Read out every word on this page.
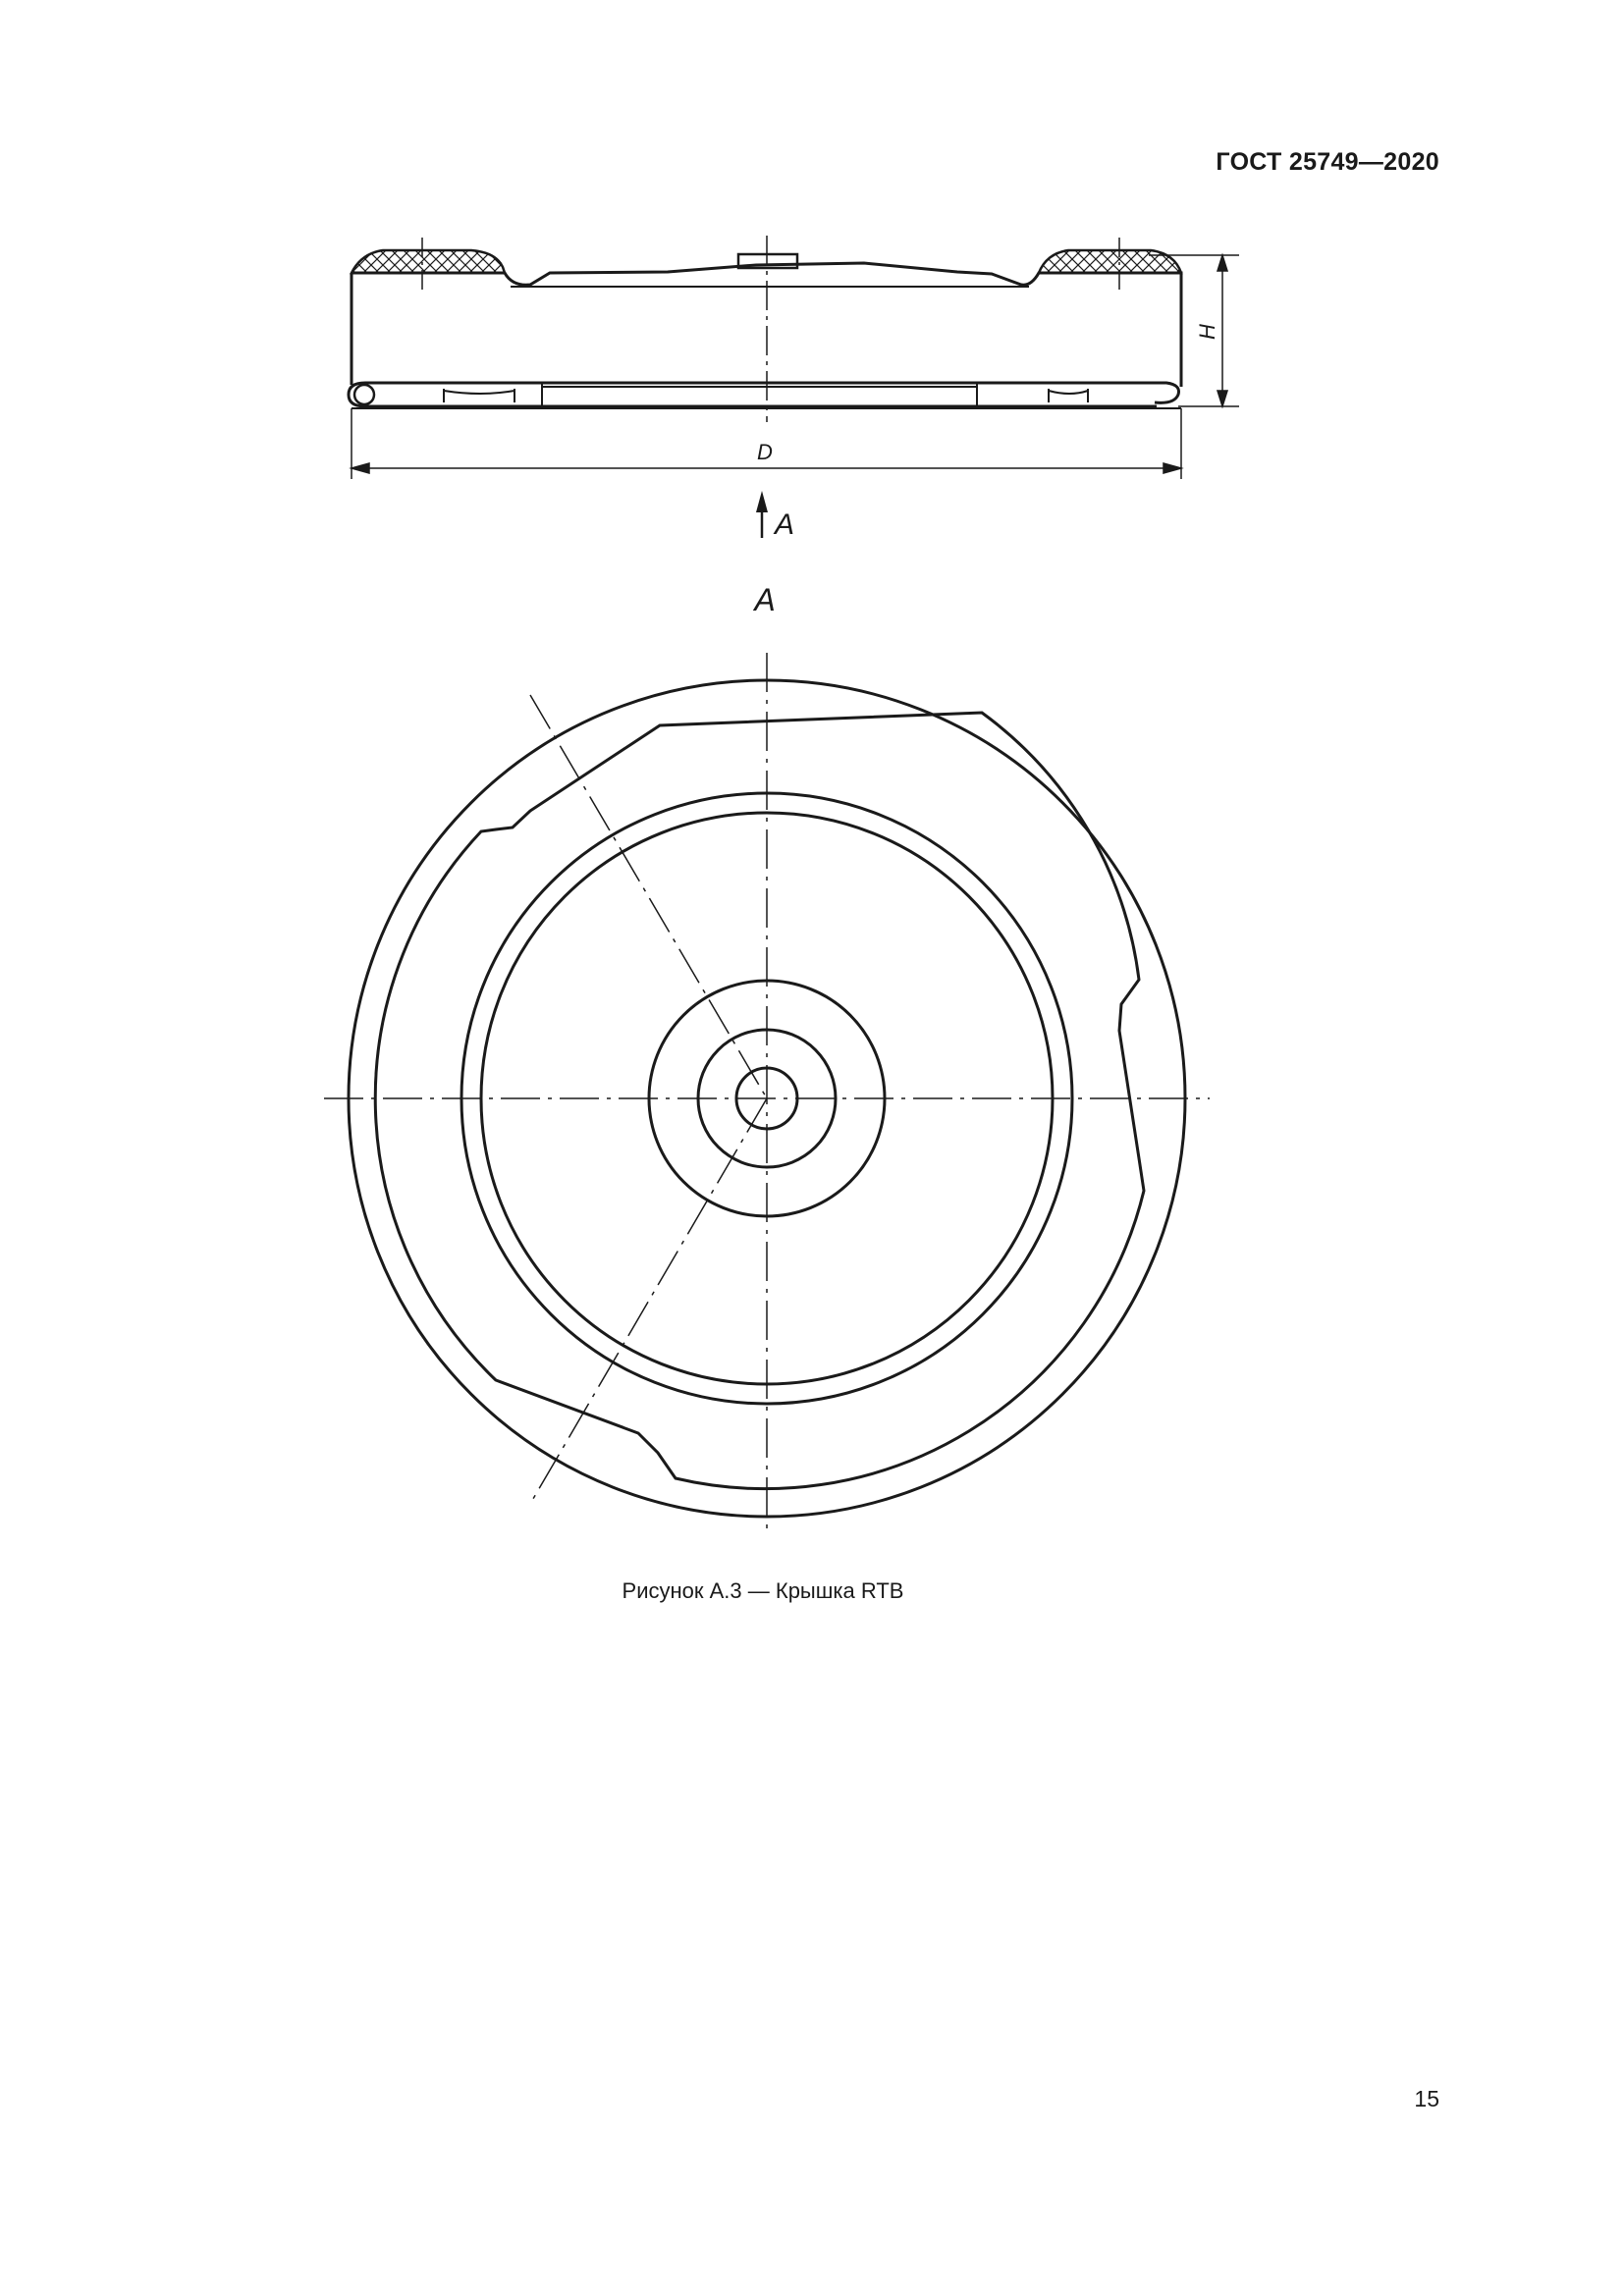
ГОСТ 25749—2020
H
D
A
A
Рисунок А.3 — Крышка RTB
15
